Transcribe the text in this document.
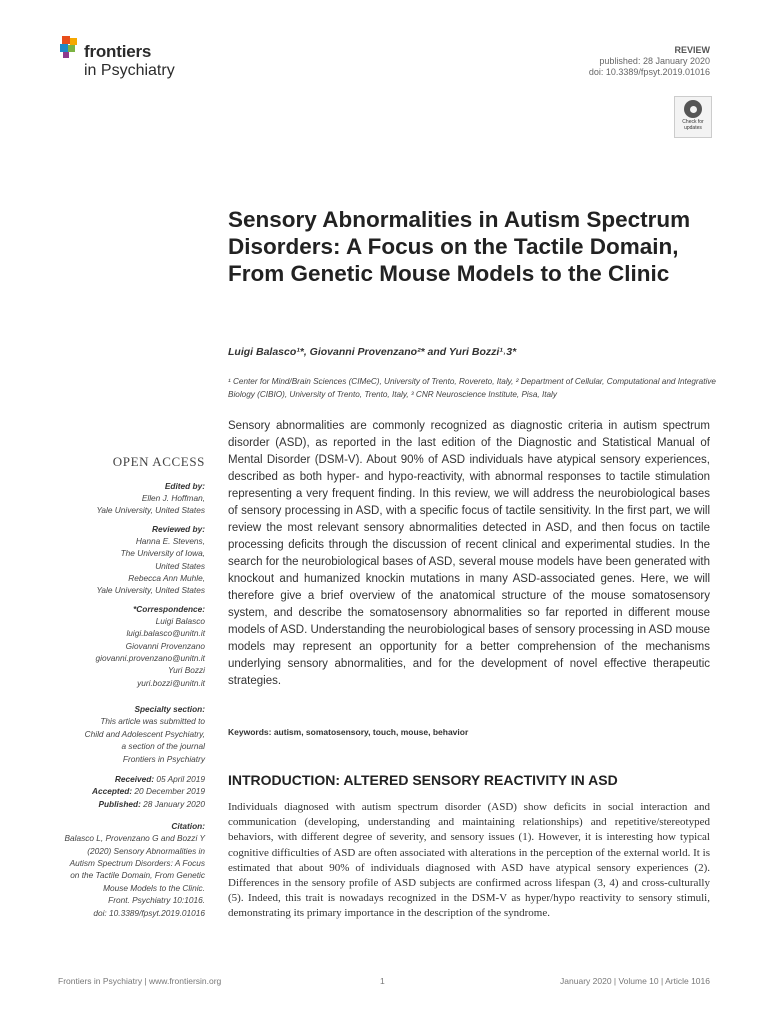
frontiers
in Psychiatry
REVIEW
published: 28 January 2020
doi: 10.3389/fpsyt.2019.01016
Check for updates
Sensory Abnormalities in Autism Spectrum Disorders: A Focus on the Tactile Domain, From Genetic Mouse Models to the Clinic
Luigi Balasco¹*, Giovanni Provenzano²* and Yuri Bozzi¹˒3*
¹ Center for Mind/Brain Sciences (CIMeC), University of Trento, Rovereto, Italy, ² Department of Cellular, Computational and Integrative Biology (CIBIO), University of Trento, Trento, Italy, ³ CNR Neuroscience Institute, Pisa, Italy
Sensory abnormalities are commonly recognized as diagnostic criteria in autism spectrum disorder (ASD), as reported in the last edition of the Diagnostic and Statistical Manual of Mental Disorder (DSM-V). About 90% of ASD individuals have atypical sensory experiences, described as both hyper- and hypo-reactivity, with abnormal responses to tactile stimulation representing a very frequent finding. In this review, we will address the neurobiological bases of sensory processing in ASD, with a specific focus of tactile sensitivity. In the first part, we will review the most relevant sensory abnormalities detected in ASD, and then focus on tactile processing deficits through the discussion of recent clinical and experimental studies. In the search for the neurobiological bases of ASD, several mouse models have been generated with knockout and humanized knockin mutations in many ASD-associated genes. Here, we will therefore give a brief overview of the anatomical structure of the mouse somatosensory system, and describe the somatosensory abnormalities so far reported in different mouse models of ASD. Understanding the neurobiological bases of sensory processing in ASD mouse models may represent an opportunity for a better comprehension of the mechanisms underlying sensory abnormalities, and for the development of novel effective therapeutic strategies.
Keywords: autism, somatosensory, touch, mouse, behavior
OPEN ACCESS
Edited by:
Ellen J. Hoffman,
Yale University, United States
Reviewed by:
Hanna E. Stevens,
The University of Iowa,
United States
Rebecca Ann Muhle,
Yale University, United States
*Correspondence:
Luigi Balasco
luigi.balasco@unitn.it
Giovanni Provenzano
giovanni.provenzano@unitn.it
Yuri Bozzi
yuri.bozzi@unitn.it
Specialty section:
This article was submitted to
Child and Adolescent Psychiatry,
a section of the journal
Frontiers in Psychiatry
Received: 05 April 2019
Accepted: 20 December 2019
Published: 28 January 2020
Citation:
Balasco L, Provenzano G and Bozzi Y
(2020) Sensory Abnormalities in
Autism Spectrum Disorders: A Focus
on the Tactile Domain, From Genetic
Mouse Models to the Clinic.
Front. Psychiatry 10:1016.
doi: 10.3389/fpsyt.2019.01016
INTRODUCTION: ALTERED SENSORY REACTIVITY IN ASD
Individuals diagnosed with autism spectrum disorder (ASD) show deficits in social interaction and communication (developing, understanding and maintaining relationships) and repetitive/stereotyped behaviors, with different degree of severity, and sensory issues (1). However, it is interesting how typical cognitive difficulties of ASD are often associated with alterations in the perception of the external world. It is estimated that about 90% of individuals diagnosed with ASD have atypical sensory experiences (2). Differences in the sensory profile of ASD subjects are confirmed across lifespan (3, 4) and cross-culturally (5). Indeed, this trait is nowadays recognized in the DSM-V as hyper/hypo reactivity to sensory stimuli, demonstrating its primary importance in the description of the syndrome.
Frontiers in Psychiatry | www.frontiersin.org	1	January 2020 | Volume 10 | Article 1016
